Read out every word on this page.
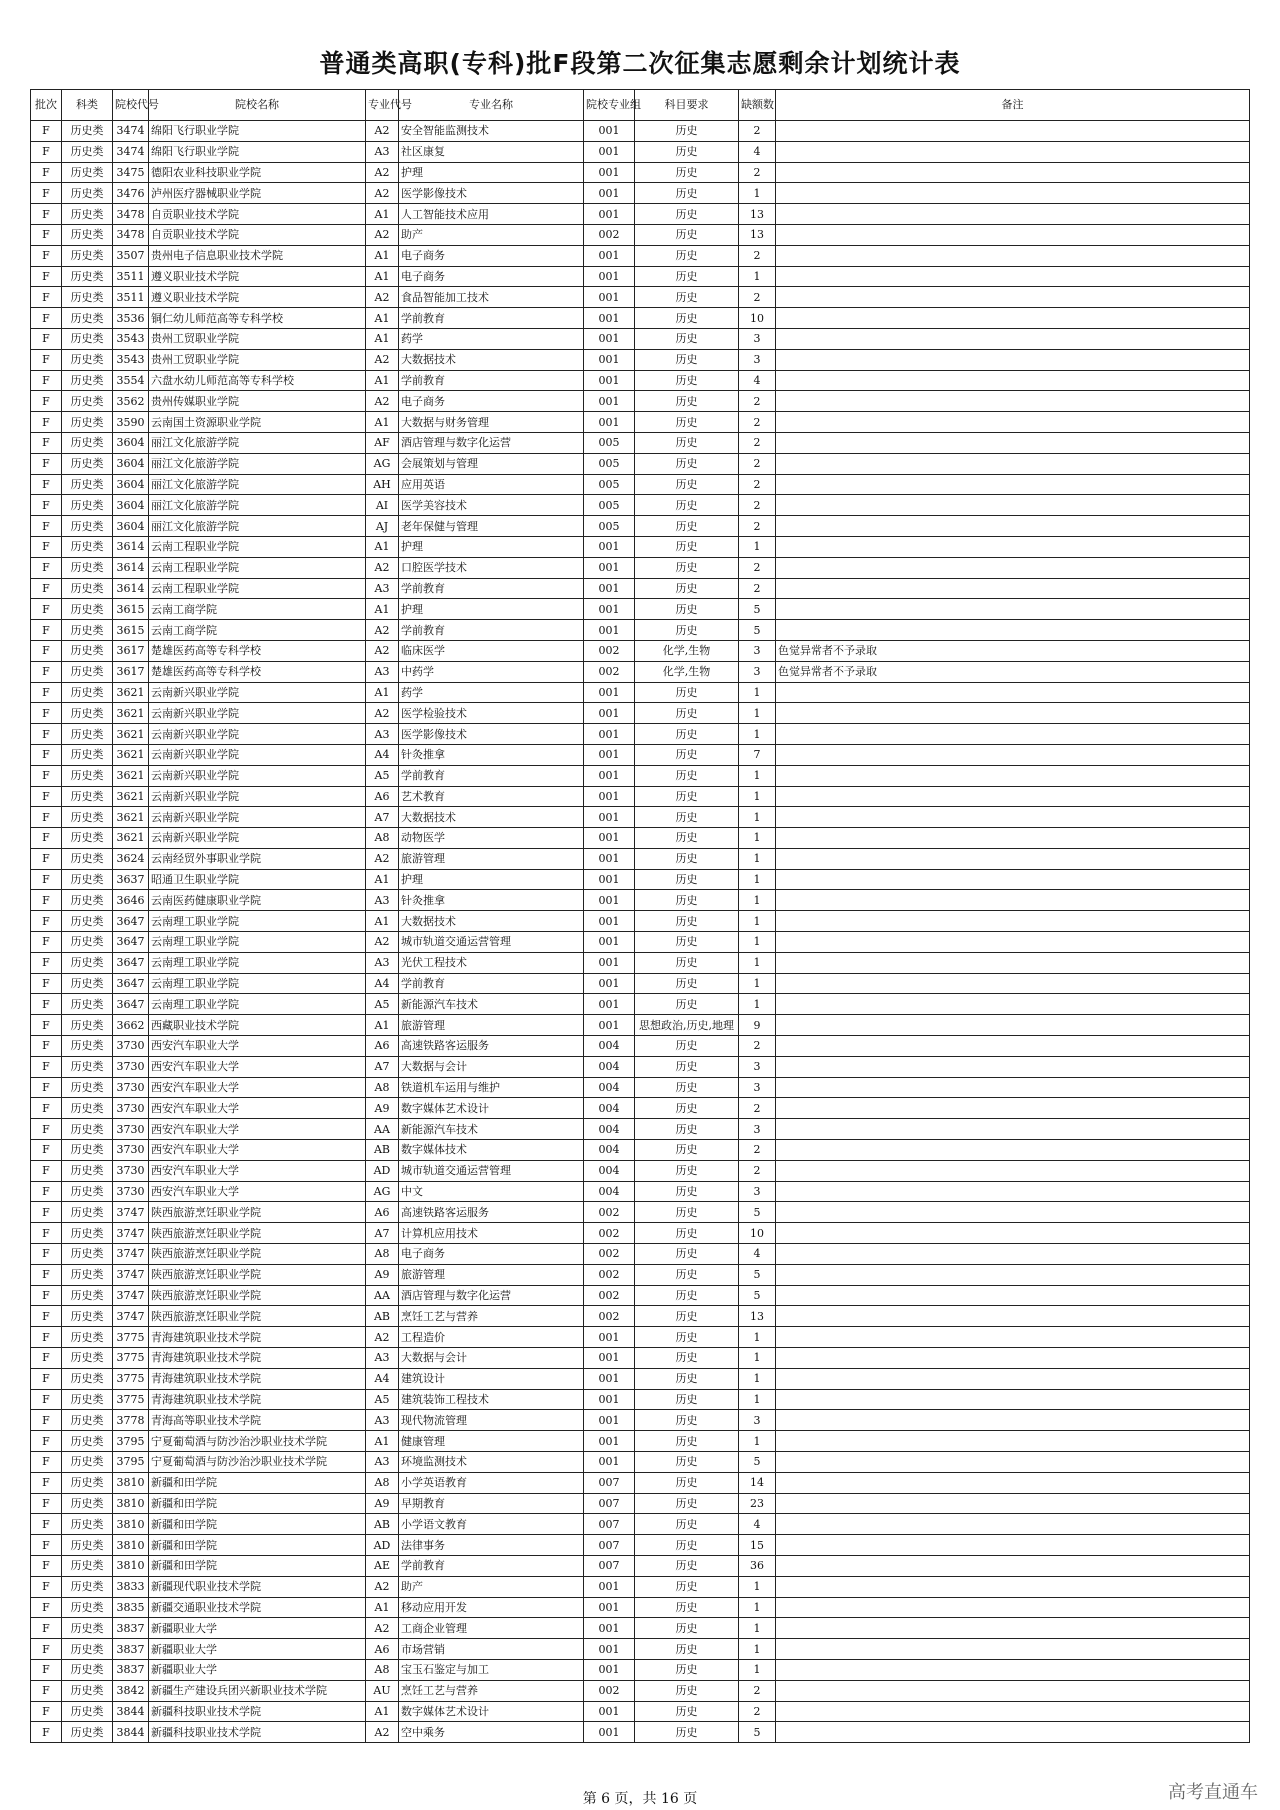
普通类高职(专科)批F段第二次征集志愿剩余计划统计表
批次	科类	院校代号	院校名称	专业代号	专业名称	院校专业组	科目要求	缺额数	备注
F	历史类	3474	绵阳飞行职业学院	A2	安全智能监测技术	001	历史	2	
F	历史类	3474	绵阳飞行职业学院	A3	社区康复	001	历史	4	
F	历史类	3475	德阳农业科技职业学院	A2	护理	001	历史	2	
F	历史类	3476	泸州医疗器械职业学院	A2	医学影像技术	001	历史	1	
F	历史类	3478	自贡职业技术学院	A1	人工智能技术应用	001	历史	13	
F	历史类	3478	自贡职业技术学院	A2	助产	002	历史	13	
F	历史类	3507	贵州电子信息职业技术学院	A1	电子商务	001	历史	2	
F	历史类	3511	遵义职业技术学院	A1	电子商务	001	历史	1	
F	历史类	3511	遵义职业技术学院	A2	食品智能加工技术	001	历史	2	
F	历史类	3536	铜仁幼儿师范高等专科学校	A1	学前教育	001	历史	10	
F	历史类	3543	贵州工贸职业学院	A1	药学	001	历史	3	
F	历史类	3543	贵州工贸职业学院	A2	大数据技术	001	历史	3	
F	历史类	3554	六盘水幼儿师范高等专科学校	A1	学前教育	001	历史	4	
F	历史类	3562	贵州传媒职业学院	A2	电子商务	001	历史	2	
F	历史类	3590	云南国土资源职业学院	A1	大数据与财务管理	001	历史	2	
F	历史类	3604	丽江文化旅游学院	AF	酒店管理与数字化运营	005	历史	2	
F	历史类	3604	丽江文化旅游学院	AG	会展策划与管理	005	历史	2	
F	历史类	3604	丽江文化旅游学院	AH	应用英语	005	历史	2	
F	历史类	3604	丽江文化旅游学院	AI	医学美容技术	005	历史	2	
F	历史类	3604	丽江文化旅游学院	AJ	老年保健与管理	005	历史	2	
F	历史类	3614	云南工程职业学院	A1	护理	001	历史	1	
F	历史类	3614	云南工程职业学院	A2	口腔医学技术	001	历史	2	
F	历史类	3614	云南工程职业学院	A3	学前教育	001	历史	2	
F	历史类	3615	云南工商学院	A1	护理	001	历史	5	
F	历史类	3615	云南工商学院	A2	学前教育	001	历史	5	
F	历史类	3617	楚雄医药高等专科学校	A2	临床医学	002	化学,生物	3	色觉异常者不予录取
F	历史类	3617	楚雄医药高等专科学校	A3	中药学	002	化学,生物	3	色觉异常者不予录取
F	历史类	3621	云南新兴职业学院	A1	药学	001	历史	1	
F	历史类	3621	云南新兴职业学院	A2	医学检验技术	001	历史	1	
F	历史类	3621	云南新兴职业学院	A3	医学影像技术	001	历史	1	
F	历史类	3621	云南新兴职业学院	A4	针灸推拿	001	历史	7	
F	历史类	3621	云南新兴职业学院	A5	学前教育	001	历史	1	
F	历史类	3621	云南新兴职业学院	A6	艺术教育	001	历史	1	
F	历史类	3621	云南新兴职业学院	A7	大数据技术	001	历史	1	
F	历史类	3621	云南新兴职业学院	A8	动物医学	001	历史	1	
F	历史类	3624	云南经贸外事职业学院	A2	旅游管理	001	历史	1	
F	历史类	3637	昭通卫生职业学院	A1	护理	001	历史	1	
F	历史类	3646	云南医药健康职业学院	A3	针灸推拿	001	历史	1	
F	历史类	3647	云南理工职业学院	A1	大数据技术	001	历史	1	
F	历史类	3647	云南理工职业学院	A2	城市轨道交通运营管理	001	历史	1	
F	历史类	3647	云南理工职业学院	A3	光伏工程技术	001	历史	1	
F	历史类	3647	云南理工职业学院	A4	学前教育	001	历史	1	
F	历史类	3647	云南理工职业学院	A5	新能源汽车技术	001	历史	1	
F	历史类	3662	西藏职业技术学院	A1	旅游管理	001	思想政治,历史,地理	9	
F	历史类	3730	西安汽车职业大学	A6	高速铁路客运服务	004	历史	2	
F	历史类	3730	西安汽车职业大学	A7	大数据与会计	004	历史	3	
F	历史类	3730	西安汽车职业大学	A8	铁道机车运用与维护	004	历史	3	
F	历史类	3730	西安汽车职业大学	A9	数字媒体艺术设计	004	历史	2	
F	历史类	3730	西安汽车职业大学	AA	新能源汽车技术	004	历史	3	
F	历史类	3730	西安汽车职业大学	AB	数字媒体技术	004	历史	2	
F	历史类	3730	西安汽车职业大学	AD	城市轨道交通运营管理	004	历史	2	
F	历史类	3730	西安汽车职业大学	AG	中文	004	历史	3	
F	历史类	3747	陕西旅游烹饪职业学院	A6	高速铁路客运服务	002	历史	5	
F	历史类	3747	陕西旅游烹饪职业学院	A7	计算机应用技术	002	历史	10	
F	历史类	3747	陕西旅游烹饪职业学院	A8	电子商务	002	历史	4	
F	历史类	3747	陕西旅游烹饪职业学院	A9	旅游管理	002	历史	5	
F	历史类	3747	陕西旅游烹饪职业学院	AA	酒店管理与数字化运营	002	历史	5	
F	历史类	3747	陕西旅游烹饪职业学院	AB	烹饪工艺与营养	002	历史	13	
F	历史类	3775	青海建筑职业技术学院	A2	工程造价	001	历史	1	
F	历史类	3775	青海建筑职业技术学院	A3	大数据与会计	001	历史	1	
F	历史类	3775	青海建筑职业技术学院	A4	建筑设计	001	历史	1	
F	历史类	3775	青海建筑职业技术学院	A5	建筑装饰工程技术	001	历史	1	
F	历史类	3778	青海高等职业技术学院	A3	现代物流管理	001	历史	3	
F	历史类	3795	宁夏葡萄酒与防沙治沙职业技术学院	A1	健康管理	001	历史	1	
F	历史类	3795	宁夏葡萄酒与防沙治沙职业技术学院	A3	环境监测技术	001	历史	5	
F	历史类	3810	新疆和田学院	A8	小学英语教育	007	历史	14	
F	历史类	3810	新疆和田学院	A9	早期教育	007	历史	23	
F	历史类	3810	新疆和田学院	AB	小学语文教育	007	历史	4	
F	历史类	3810	新疆和田学院	AD	法律事务	007	历史	15	
F	历史类	3810	新疆和田学院	AE	学前教育	007	历史	36	
F	历史类	3833	新疆现代职业技术学院	A2	助产	001	历史	1	
F	历史类	3835	新疆交通职业技术学院	A1	移动应用开发	001	历史	1	
F	历史类	3837	新疆职业大学	A2	工商企业管理	001	历史	1	
F	历史类	3837	新疆职业大学	A6	市场营销	001	历史	1	
F	历史类	3837	新疆职业大学	A8	宝玉石鉴定与加工	001	历史	1	
F	历史类	3842	新疆生产建设兵团兴新职业技术学院	AU	烹饪工艺与营养	002	历史	2	
F	历史类	3844	新疆科技职业技术学院	A1	数字媒体艺术设计	001	历史	2	
F	历史类	3844	新疆科技职业技术学院	A2	空中乘务	001	历史	5	
第 6 页，共 16 页	高考直通车
